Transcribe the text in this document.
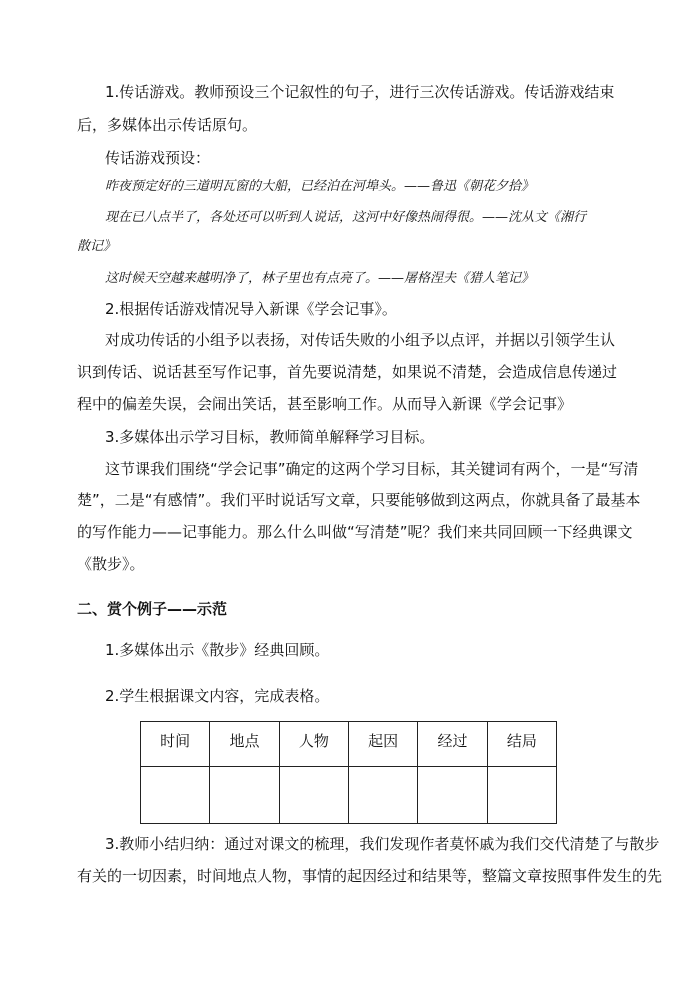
1.传话游戏。教师预设三个记叙性的句子，进行三次传话游戏。传话游戏结束
后，多媒体出示传话原句。
传话游戏预设：
昨夜预定好的三道明瓦窗的大船，已经泊在河埠头。——鲁迅《朝花夕拾》
现在已八点半了，各处还可以听到人说话，这河中好像热闹得很。——沈从文《湘行
散记》
这时候天空越来越明净了，林子里也有点亮了。——屠格涅夫《猎人笔记》
2.根据传话游戏情况导入新课《学会记事》。
对成功传话的小组予以表扬，对传话失败的小组予以点评，并据以引领学生认
识到传话、说话甚至写作记事，首先要说清楚，如果说不清楚，会造成信息传递过
程中的偏差失误，会闹出笑话，甚至影响工作。从而导入新课《学会记事》
3.多媒体出示学习目标，教师简单解释学习目标。
这节课我们围绕“学会记事”确定的这两个学习目标，其关键词有两个，一是“写清
楚”，二是“有感情”。我们平时说话写文章，只要能够做到这两点，你就具备了最基本
的写作能力——记事能力。那么什么叫做“写清楚”呢？我们来共同回顾一下经典课文
《散步》。
二、赏个例子——示范
1.多媒体出示《散步》经典回顾。
2.学生根据课文内容，完成表格。
时间	地点	人物	起因	经过	结局

3.教师小结归纳：通过对课文的梳理，我们发现作者莫怀戚为我们交代清楚了与散步
有关的一切因素，时间地点人物，事情的起因经过和结果等，整篇文章按照事件发生的先
